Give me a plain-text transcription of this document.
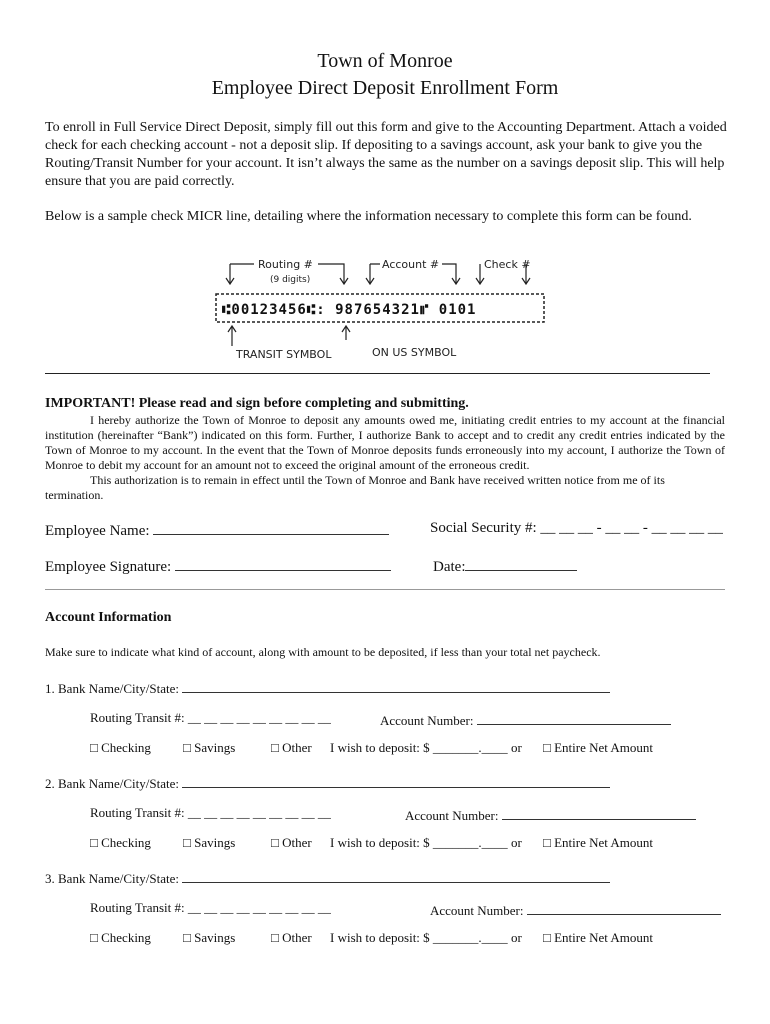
Town of Monroe
Employee Direct Deposit Enrollment Form
To enroll in Full Service Direct Deposit, simply fill out this form and give to the Accounting Department. Attach a voided check for each checking account - not a deposit slip. If depositing to a savings account, ask your bank to give you the Routing/Transit Number for your account. It isn’t always the same as the number on a savings deposit slip. This will help ensure that you are paid correctly.
Below is a sample check MICR line, detailing where the information necessary to complete this form can be found.
Routing #
(9 digits)
Account #	Check #
⑆00123456⑆: 987654321⑈ 0101
TRANSIT SYMBOL	ON US SYMBOL
IMPORTANT! Please read and sign before completing and submitting.
I hereby authorize the Town of Monroe to deposit any amounts owed me, initiating credit entries to my account at the financial institution (hereinafter “Bank”) indicated on this form. Further, I authorize Bank to accept and to credit any credit entries indicated by the Town of Monroe to my account. In the event that the Town of Monroe deposits funds erroneously into my account, I authorize the Town of Monroe to debit my account for an amount not to exceed the original amount of the erroneous credit.
This authorization is to remain in effect until the Town of Monroe and Bank have received written notice from me of its termination.
Employee Name:	Social Security #: __ __ __ - __ __ - __ __ __ __
Employee Signature:	Date:
Account Information
Make sure to indicate what kind of account, along with amount to be deposited, if less than your total net paycheck.
1. Bank Name/City/State:
Routing Transit #: __ __ __ __ __ __ __ __ __	Account Number:
□ Checking □ Savings	□ Other I wish to deposit: $ _______.____ or □ Entire Net Amount
2. Bank Name/City/State:
Routing Transit #: __ __ __ __ __ __ __ __ __	Account Number:
□ Checking □ Savings	□ Other I wish to deposit: $ _______.____ or □ Entire Net Amount
3. Bank Name/City/State:
Routing Transit #: __ __ __ __ __ __ __ __ __	Account Number:
□ Checking □ Savings	□ Other I wish to deposit: $ _______.____ or □ Entire Net Amount
